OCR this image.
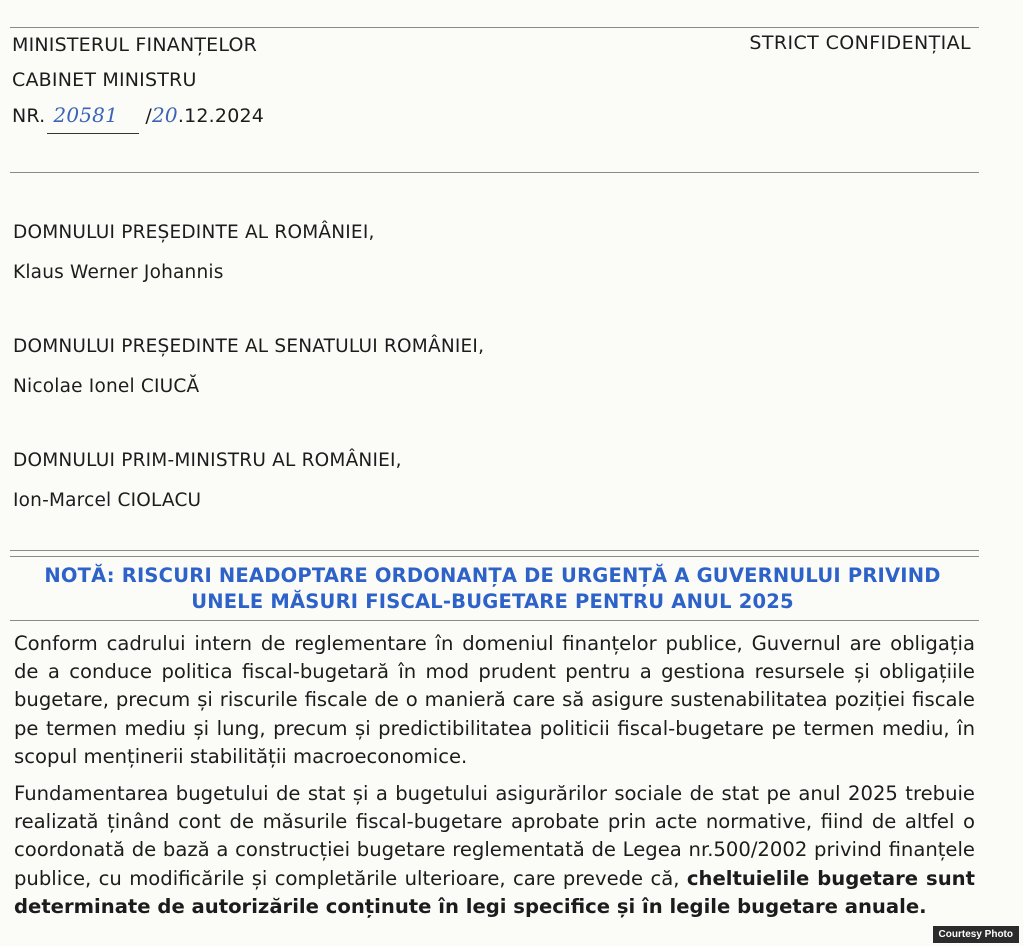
MINISTERUL FINANȚELOR
CABINET MINISTRU
NR. 20581	/ 20 .12.2024
STRICT CONFIDENȚIAL
DOMNULUI PREȘEDINTE AL ROMÂNIEI,
Klaus Werner Johannis
DOMNULUI PREȘEDINTE AL SENATULUI ROMÂNIEI,
Nicolae Ionel CIUCĂ
DOMNULUI PRIM-MINISTRU AL ROMÂNIEI,
Ion-Marcel CIOLACU
NOTĂ: RISCURI NEADOPTARE ORDONANȚA DE URGENȚĂ A GUVERNULUI PRIVIND
UNELE MĂSURI FISCAL-BUGETARE PENTRU ANUL 2025
Conform cadrului intern de reglementare în domeniul finanțelor publice, Guvernul are obligația de a conduce politica fiscal-bugetară în mod prudent pentru a gestiona resursele și obligațiile bugetare, precum și riscurile fiscale de o manieră care să asigure sustenabilitatea poziției fiscale pe termen mediu și lung, precum și predictibilitatea politicii fiscal-bugetare pe termen mediu, în scopul menținerii stabilității macroeconomice.
Fundamentarea bugetului de stat și a bugetului asigurărilor sociale de stat pe anul 2025 trebuie realizată ținând cont de măsurile fiscal-bugetare aprobate prin acte normative, fiind de altfel o coordonată de bază a construcției bugetare reglementată de Legea nr.500/2002 privind finanțele publice, cu modificările și completările ulterioare, care prevede că, cheltuielile bugetare sunt determinate de autorizările conținute în legi specifice și în legile bugetare anuale.
Courtesy Photo
